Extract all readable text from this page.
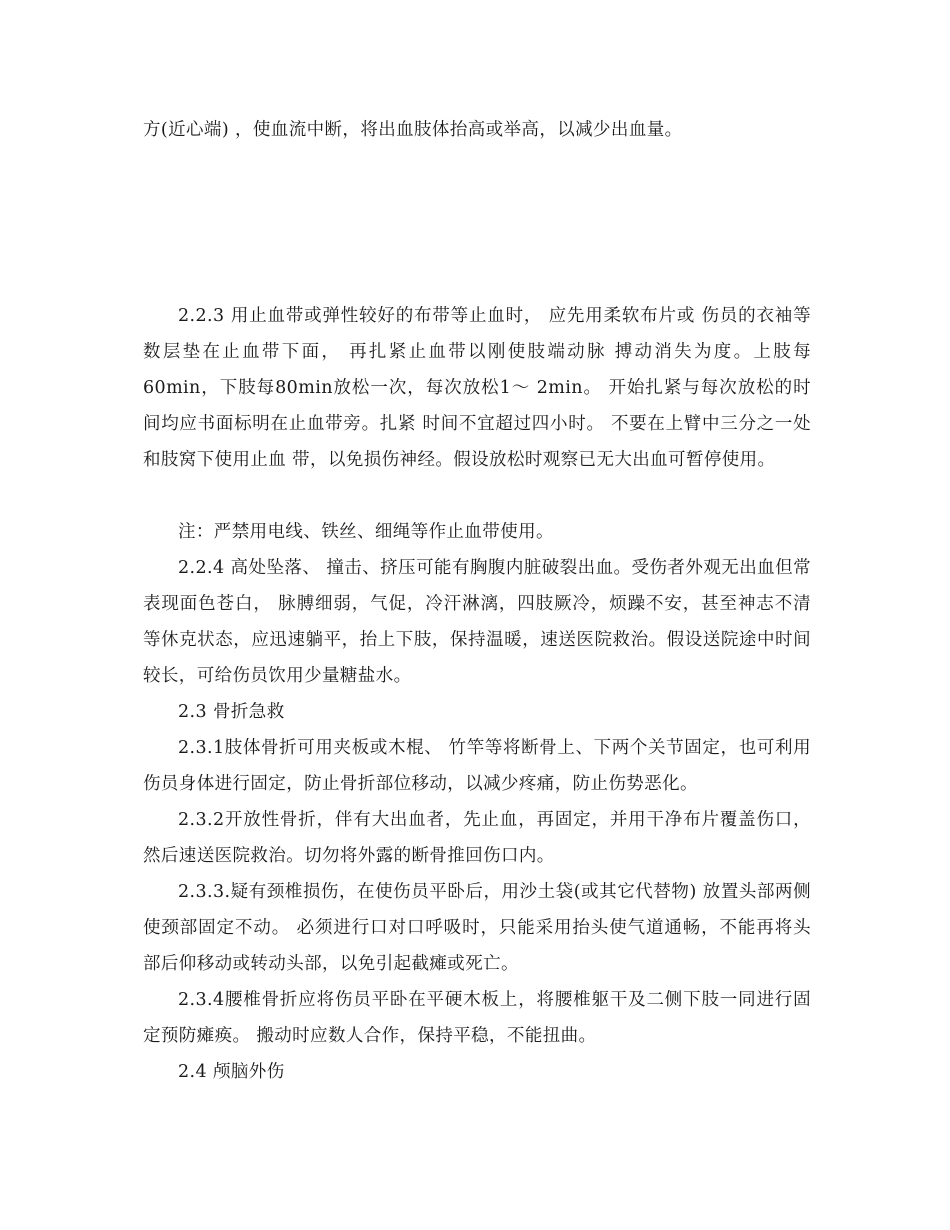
方(近心端) ，使血流中断，将出血肢体抬高或举高，以减少出血量。

2.2.3 用止血带或弹性较好的布带等止血时， 应先用柔软布片或 伤员的衣袖等数层垫在止血带下面， 再扎紧止血带以刚使肢端动脉 搏动消失为度。上肢每60min，下肢每80min放松一次，每次放松1～ 2min。 开始扎紧与每次放松的时间均应书面标明在止血带旁。扎紧 时间不宜超过四小时。 不要在上臂中三分之一处和肢窝下使用止血 带，以免损伤神经。假设放松时观察已无大出血可暂停使用。

注：严禁用电线、铁丝、细绳等作止血带使用。

2.2.4 高处坠落、 撞击、挤压可能有胸腹内脏破裂出血。受伤者外观无出血但常表现面色苍白， 脉膊细弱，气促，冷汗淋漓，四肢厥冷，烦躁不安，甚至神志不清等休克状态，应迅速躺平，抬上下肢，保持温暖，速送医院救治。假设送院途中时间较长，可给伤员饮用少量糖盐水。

2.3 骨折急救

2.3.1肢体骨折可用夹板或木棍、 竹竿等将断骨上、下两个关节固定，也可利用伤员身体进行固定，防止骨折部位移动，以减少疼痛，防止伤势恶化。

2.3.2开放性骨折，伴有大出血者，先止血，再固定，并用干净布片覆盖伤口，然后速送医院救治。切勿将外露的断骨推回伤口内。

2.3.3.疑有颈椎损伤，在使伤员平卧后，用沙土袋(或其它代替物) 放置头部两侧使颈部固定不动。 必须进行口对口呼吸时，只能采用抬头使气道通畅，不能再将头部后仰移动或转动头部，以免引起截瘫或死亡。

2.3.4腰椎骨折应将伤员平卧在平硬木板上，将腰椎躯干及二侧下肢一同进行固定预防瘫痪。 搬动时应数人合作，保持平稳，不能扭曲。

2.4 颅脑外伤
